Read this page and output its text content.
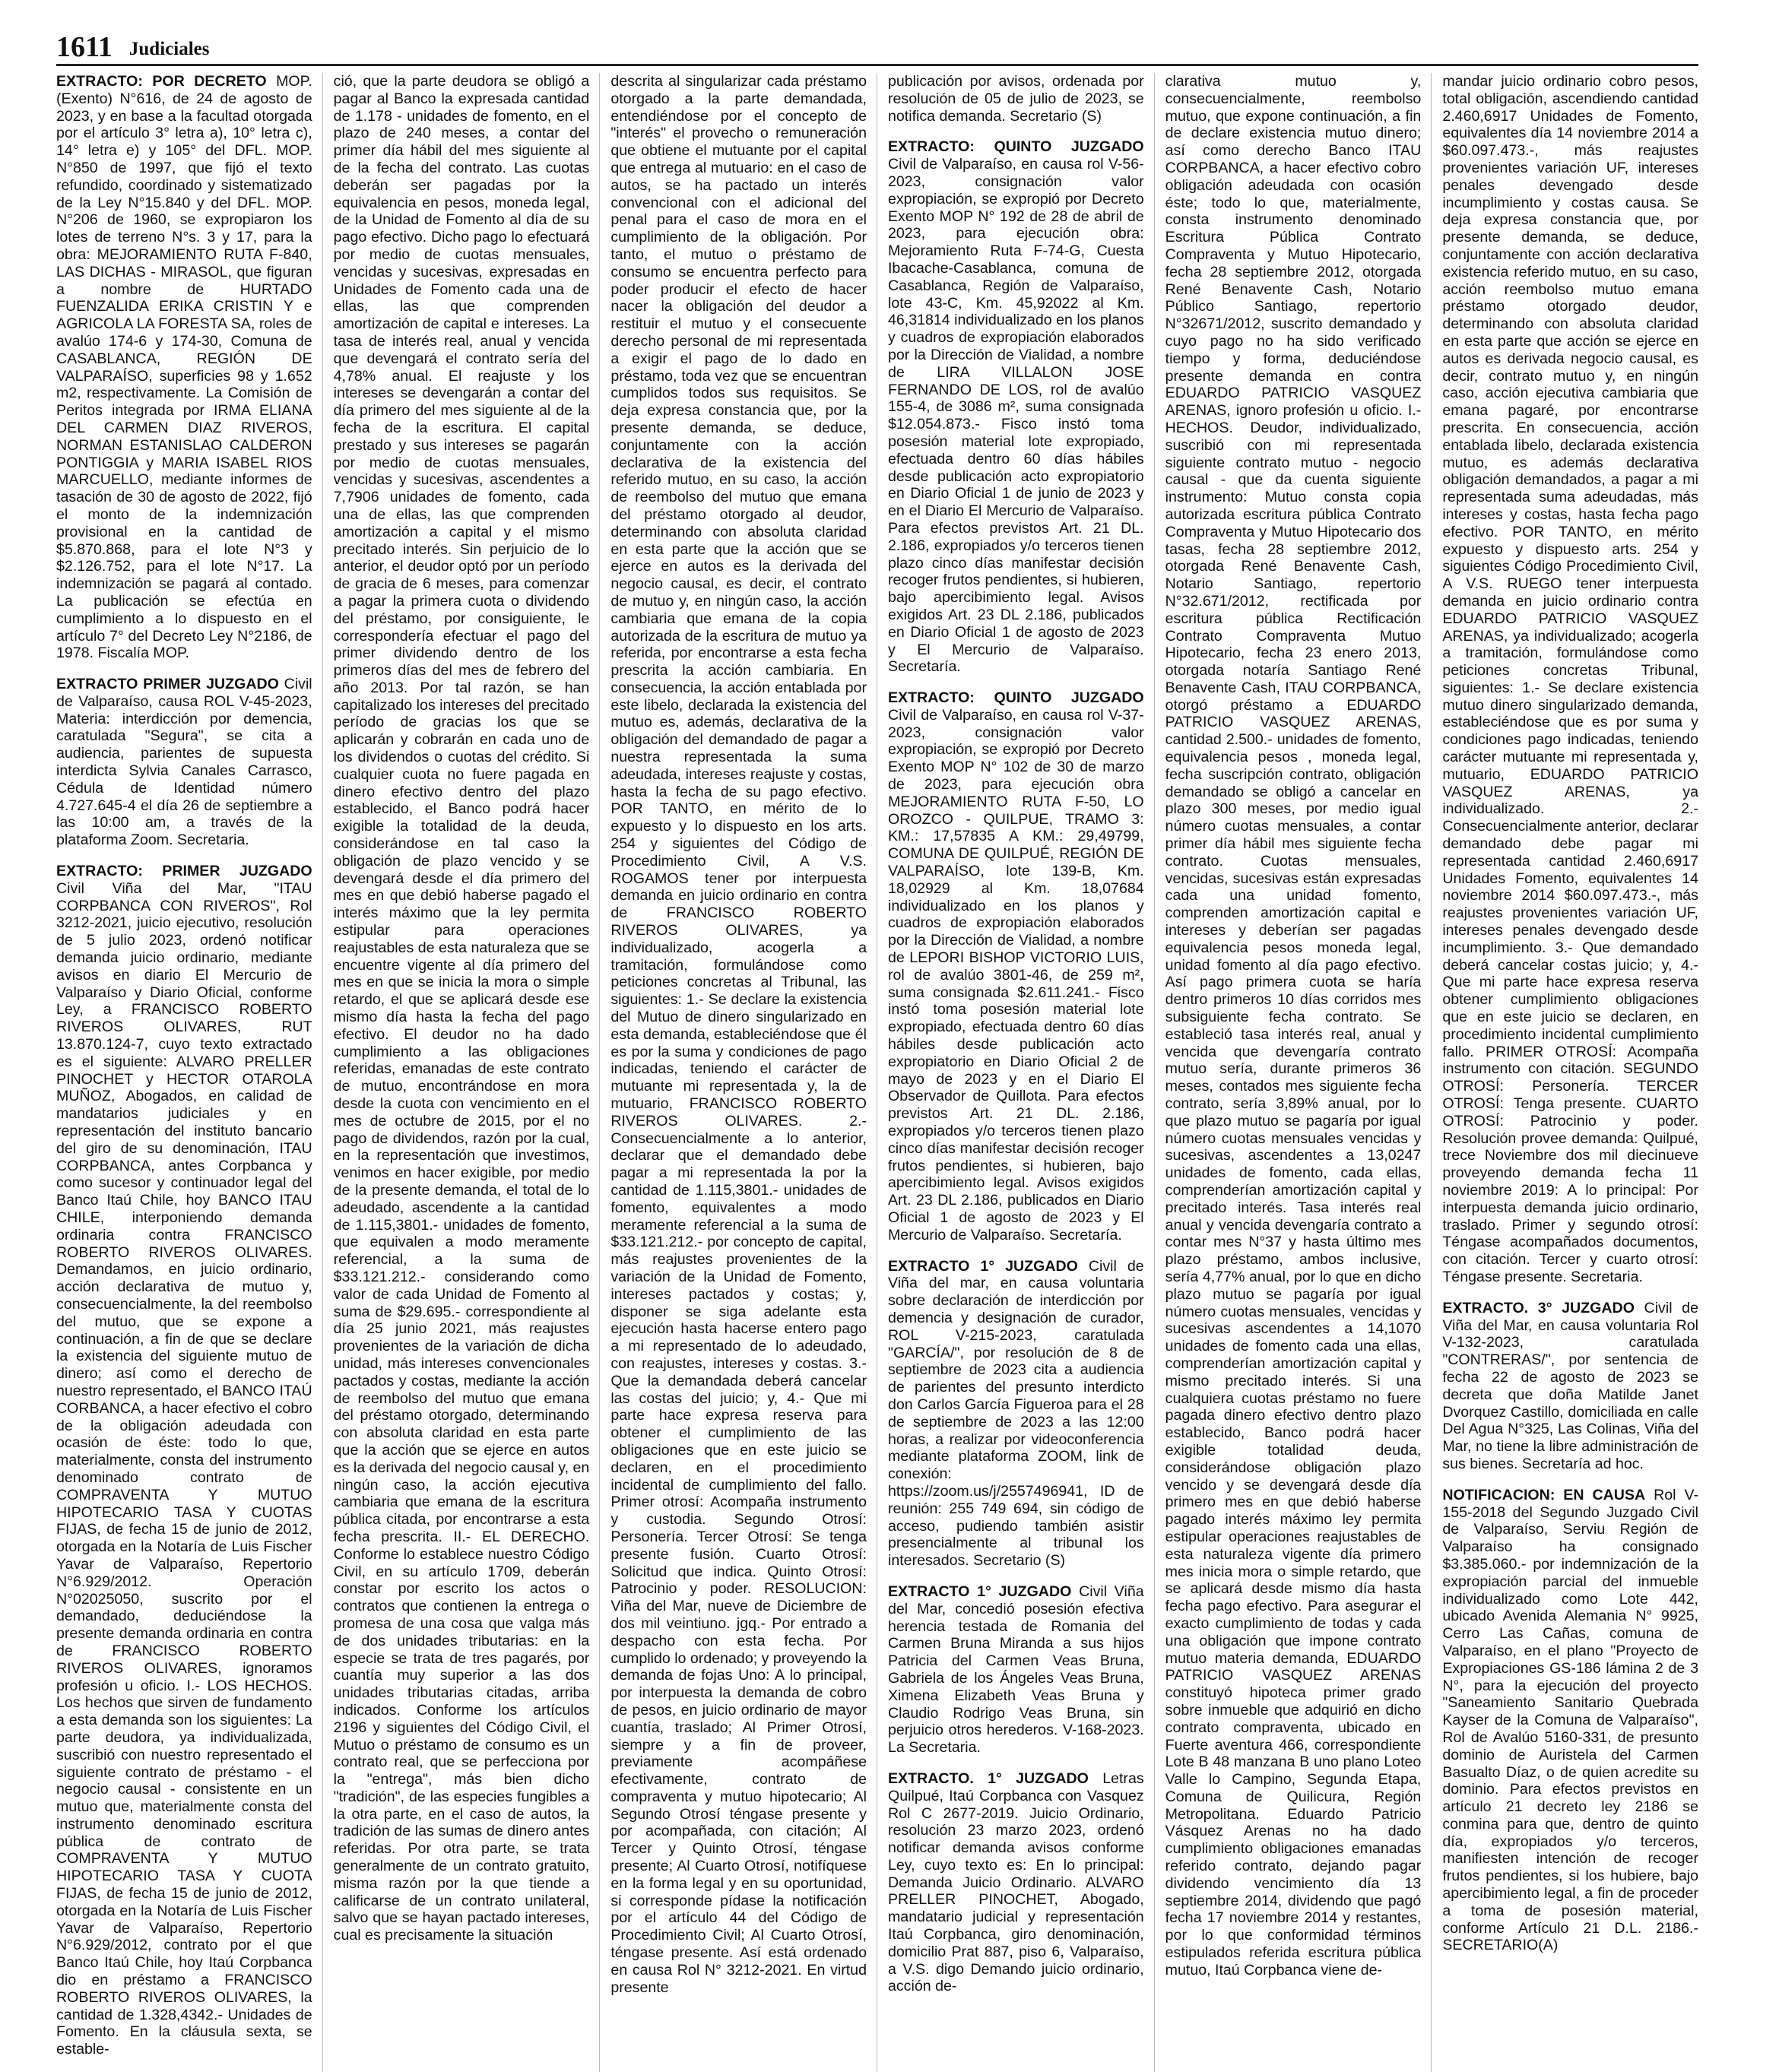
1611 Judiciales

EXTRACTO: POR DECRETO MOP. (Exento) N°616, de 24 de agosto de 2023, y en base a la facultad otorgada por el artículo 3° letra a), 10° letra c), 14° letra e) y 105° del DFL. MOP. N°850 de 1997, que fijó el texto refundido, coordinado y sistematizado de la Ley N°15.840 y del DFL. MOP. N°206 de 1960, se expropiaron los lotes de terreno N°s. 3 y 17, para la obra: MEJORAMIENTO RUTA F-840, LAS DICHAS - MIRASOL, que figuran a nombre de HURTADO FUENZALIDA ERIKA CRISTIN Y e AGRICOLA LA FORESTA SA, roles de avalúo 174-6 y 174-30, Comuna de CASABLANCA, REGIÓN DE VALPARAÍSO, superficies 98 y 1.652 m2, respectivamente. La Comisión de Peritos integrada por IRMA ELIANA DEL CARMEN DIAZ RIVEROS, NORMAN ESTANISLAO CALDERON PONTIGGIA y MARIA ISABEL RIOS MARCUELLO, mediante informes de tasación de 30 de agosto de 2022, fijó el monto de la indemnización provisional en la cantidad de $5.870.868, para el lote N°3 y $2.126.752, para el lote N°17. La indemnización se pagará al contado. La publicación se efectúa en cumplimiento a lo dispuesto en el artículo 7° del Decreto Ley N°2186, de 1978. Fiscalía MOP.

EXTRACTO PRIMER JUZGADO Civil de Valparaíso, causa ROL V-45-2023, Materia: interdicción por demencia, caratulada "Segura", se cita a audiencia, parientes de supuesta interdicta Sylvia Canales Carrasco, Cédula de Identidad número 4.727.645-4 el día 26 de septiembre a las 10:00 am, a través de la plataforma Zoom. Secretaria.

EXTRACTO: PRIMER JUZGADO Civil Viña del Mar, "ITAU CORPBANCA CON RIVEROS", Rol 3212-2021, juicio ejecutivo, resolución de 5 julio 2023, ordenó notificar demanda juicio ordinario, mediante avisos en diario El Mercurio de Valparaíso y Diario Oficial, conforme Ley, a FRANCISCO ROBERTO RIVEROS OLIVARES, RUT 13.870.124-7, cuyo texto extractado es el siguiente: ALVARO PRELLER PINOCHET y HECTOR OTAROLA MUÑOZ, Abogados, en calidad de mandatarios judiciales y en representación del instituto bancario del giro de su denominación, ITAU CORPBANCA, antes Corpbanca y como sucesor y continuador legal del Banco Itaú Chile, hoy BANCO ITAU CHILE, interponiendo demanda ordinaria contra FRANCISCO ROBERTO RIVEROS OLIVARES. Demandamos, en juicio ordinario, acción declarativa de mutuo y, consecuencialmente, la del reembolso del mutuo, que se expone a continuación, a fin de que se declare la existencia del siguiente mutuo de dinero; así como el derecho de nuestro representado, el BANCO ITAÚ CORBANCA, a hacer efectivo el cobro de la obligación adeudada con ocasión de éste: todo lo que, materialmente, consta del instrumento denominado contrato de COMPRAVENTA Y MUTUO HIPOTECARIO TASA Y CUOTAS FIJAS, de fecha 15 de junio de 2012, otorgada en la Notaría de Luis Fischer Yavar de Valparaíso, Repertorio N°6.929/2012. Operación N°02025050, suscrito por el demandado, deduciéndose la presente demanda ordinaria en contra de FRANCISCO ROBERTO RIVEROS OLIVARES, ignoramos profesión u oficio. I.- LOS HECHOS. Los hechos que sirven de fundamento a esta demanda son los siguientes: La parte deudora, ya individualizada, suscribió con nuestro representado el siguiente contrato de préstamo - el negocio causal - consistente en un mutuo que, materialmente consta del instrumento denominado escritura pública de contrato de COMPRAVENTA Y MUTUO HIPOTECARIO TASA Y CUOTA FIJAS, de fecha 15 de junio de 2012, otorgada en la Notaría de Luis Fischer Yavar de Valparaíso, Repertorio N°6.929/2012, contrato por el que Banco Itaú Chile, hoy Itaú Corpbanca dio en préstamo a FRANCISCO ROBERTO RIVEROS OLIVARES, la cantidad de 1.328,4342.- Unidades de Fomento. En la cláusula sexta, se estable-

ció, que la parte deudora se obligó a pagar al Banco la expresada cantidad de 1.178 - unidades de fomento, en el plazo de 240 meses, a contar del primer día hábil del mes siguiente al de la fecha del contrato. Las cuotas deberán ser pagadas por la equivalencia en pesos, moneda legal, de la Unidad de Fomento al día de su pago efectivo. Dicho pago lo efectuará por medio de cuotas mensuales, vencidas y sucesivas, expresadas en Unidades de Fomento cada una de ellas, las que comprenden amortización de capital e intereses. La tasa de interés real, anual y vencida que devengará el contrato sería del 4,78% anual. El reajuste y los intereses se devengarán a contar del día primero del mes siguiente al de la fecha de la escritura. El capital prestado y sus intereses se pagarán por medio de cuotas mensuales, vencidas y sucesivas, ascendentes a 7,7906 unidades de fomento, cada una de ellas, las que comprenden amortización a capital y el mismo precitado interés. Sin perjuicio de lo anterior, el deudor optó por un período de gracia de 6 meses, para comenzar a pagar la primera cuota o dividendo del préstamo, por consiguiente, le correspondería efectuar el pago del primer dividendo dentro de los primeros días del mes de febrero del año 2013. Por tal razón, se han capitalizado los intereses del precitado período de gracias los que se aplicarán y cobrarán en cada uno de los dividendos o cuotas del crédito. Si cualquier cuota no fuere pagada en dinero efectivo dentro del plazo establecido, el Banco podrá hacer exigible la totalidad de la deuda, considerándose en tal caso la obligación de plazo vencido y se devengará desde el día primero del mes en que debió haberse pagado el interés máximo que la ley permita estipular para operaciones reajustables de esta naturaleza que se encuentre vigente al día primero del mes en que se inicia la mora o simple retardo, el que se aplicará desde ese mismo día hasta la fecha del pago efectivo. El deudor no ha dado cumplimiento a las obligaciones referidas, emanadas de este contrato de mutuo, encontrándose en mora desde la cuota con vencimiento en el mes de octubre de 2015, por el no pago de dividendos, razón por la cual, en la representación que investimos, venimos en hacer exigible, por medio de la presente demanda, el total de lo adeudado, ascendente a la cantidad de 1.115,3801.- unidades de fomento, que equivalen a modo meramente referencial, a la suma de $33.121.212.- considerando como valor de cada Unidad de Fomento al suma de $29.695.- correspondiente al día 25 junio 2021, más reajustes provenientes de la variación de dicha unidad, más intereses convencionales pactados y costas, mediante la acción de reembolso del mutuo que emana del préstamo otorgado, determinando con absoluta claridad en esta parte que la acción que se ejerce en autos es la derivada del negocio causal y, en ningún caso, la acción ejecutiva cambiaria que emana de la escritura pública citada, por encontrarse a esta fecha prescrita. II.- EL DERECHO. Conforme lo establece nuestro Código Civil, en su artículo 1709, deberán constar por escrito los actos o contratos que contienen la entrega o promesa de una cosa que valga más de dos unidades tributarias: en la especie se trata de tres pagarés, por cuantía muy superior a las dos unidades tributarias citadas, arriba indicados. Conforme los artículos 2196 y siguientes del Código Civil, el Mutuo o préstamo de consumo es un contrato real, que se perfeccionа por la "entrega", más bien dicho "tradición", de las especies fungibles a la otra parte, en el caso de autos, la tradición de las sumas de dinero antes referidas. Por otra parte, se trata generalmente de un contrato gratuito, misma razón por la que tiende a calificarse de un contrato unilateral, salvo que se hayan pactado intereses, cual es precisamente la situación

descrita al singularizar cada préstamo otorgado a la parte demandada, entendiéndose por el concepto de "interés" el provecho o remuneración que obtiene el mutuante por el capital que entrega al mutuario: en el caso de autos, se ha pactado un interés convencional con el adicional del penal para el caso de mora en el cumplimiento de la obligación. Por tanto, el mutuo o préstamo de consumo se encuentra perfecto para poder producir el efecto de hacer nacer la obligación del deudor a restituir el mutuo y el consecuente derecho personal de mi representada a exigir el pago de lo dado en préstamo, toda vez que se encuentran cumplidos todos sus requisitos. Se deja expresa constancia que, por la presente demanda, se deduce, conjuntamente con la acción declarativa de la existencia del referido mutuo, en su caso, la acción de reembolso del mutuo que emana del préstamo otorgado al deudor, determinando con absoluta claridad en esta parte que la acción que se ejerce en autos es la derivada del negocio causal, es decir, el contrato de mutuo y, en ningún caso, la acción cambiaria que emana de la copia autorizada de la escritura de mutuo ya referida, por encontrarse a esta fecha prescrita la acción cambiaria. En consecuencia, la acción entablada por este libelo, declarada la existencia del mutuo es, además, declarativa de la obligación del demandado de pagar a nuestra representada la suma adeudada, intereses reajuste y costas, hasta la fecha de su pago efectivo. POR TANTO, en mérito de lo expuesto y lo dispuesto en los arts. 254 y siguientes del Código de Procedimiento Civil, A V.S. ROGAMOS tener por interpuesta demanda en juicio ordinario en contra de FRANCISCO ROBERTO RIVEROS OLIVARES, ya individualizado, acogerla a tramitación, formulándose como peticiones concretas al Tribunal, las siguientes: 1.- Se declare la existencia del Mutuo de dinero singularizado en esta demanda, estableciéndose que él es por la suma y condiciones de pago indicadas, teniendo el carácter de mutuante mi representada y, la de mutuario, FRANCISCO ROBERTO RIVEROS OLIVARES. 2.- Consecuencialmente a lo anterior, declarar que el demandado debe pagar a mi representada la por la cantidad de 1.115,3801.- unidades de fomento, equivalentes a modo meramente referencial a la suma de $33.121.212.- por concepto de capital, más reajustes provenientes de la variación de la Unidad de Fomento, intereses pactados y costas; y, disponer se siga adelante esta ejecución hasta hacerse entero pago a mi representado de lo adeudado, con reajustes, intereses y costas. 3.- Que la demandada deberá cancelar las costas del juicio; y, 4.- Que mi parte hace expresa reserva para obtener el cumplimiento de las obligaciones que en este juicio se declaren, en el procedimiento incidental de cumplimiento del fallo. Primer otrosí: Acompaña instrumento y custodia. Segundo Otrosí: Personería. Tercer Otrosí: Se tenga presente fusión. Cuarto Otrosí: Solicitud que indica. Quinto Otrosí: Patrocinio y poder. RESOLUCION: Viña del Mar, nueve de Diciembre de dos mil veintiuno. jgq.- Por entrado a despacho con esta fecha. Por cumplido lo ordenado; y proveyendo la demanda de fojas Uno: A lo principal, por interpuesta la demanda de cobro de pesos, en juicio ordinario de mayor cuantía, traslado; Al Primer Otrosí, siempre y a fin de proveer, previamente acompáñese efectivamente, contrato de compraventa y mutuo hipotecario; Al Segundo Otrosí téngase presente y por acompañada, con citación; Al Tercer y Quinto Otrosí, téngase presente; Al Cuarto Otrosí, notifíquese en la forma legal y en su oportunidad, si corresponde pídase la notificación por el artículo 44 del Código de Procedimiento Civil; Al Cuarto Otrosí, téngase presente. Así está ordenado en causa Rol N° 3212-2021. En virtud presente

publicación por avisos, ordenada por resolución de 05 de julio de 2023, se notifica demanda. Secretario (S)

EXTRACTO: QUINTO JUZGADO Civil de Valparaíso, en causa rol V-56-2023, consignación valor expropiación, se expropió por Decreto Exento MOP N° 192 de 28 de abril de 2023, para ejecución obra: Mejoramiento Ruta F-74-G, Cuesta Ibacache-Casablanca, comuna de Casablanca, Región de Valparaíso, lote 43-C, Km. 45,92022 al Km. 46,31814 individualizado en los planos y cuadros de expropiación elaborados por la Dirección de Vialidad, a nombre de LIRA VILLALON JOSE FERNANDO DE LOS, rol de avalúo 155-4, de 3086 m², suma consignada $12.054.873.- Fisco instó toma posesión material lote expropiado, efectuada dentro 60 días hábiles desde publicación acto expropiatorio en Diario Oficial 1 de junio de 2023 y en el Diario El Mercurio de Valparaíso. Para efectos previstos Art. 21 DL. 2.186, expropiados y/o terceros tienen plazo cinco días manifestar decisión recoger frutos pendientes, si hubieren, bajo apercibimiento legal. Avisos exigidos Art. 23 DL 2.186, publicados en Diario Oficial 1 de agosto de 2023 y El Mercurio de Valparaíso. Secretaría.

EXTRACTO: QUINTO JUZGADO Civil de Valparaíso, en causa rol V-37-2023, consignación valor expropiación, se expropió por Decreto Exento MOP N° 102 de 30 de marzo de 2023, para ejecución obra MEJORAMIENTO RUTA F-50, LO OROZCO - QUILPUE, TRAMO 3: KM.: 17,57835 A KM.: 29,49799, COMUNA DE QUILPUÉ, REGIÓN DE VALPARAÍSO, lote 139-B, Km. 18,02929 al Km. 18,07684 individualizado en los planos y cuadros de expropiación elaborados por la Dirección de Vialidad, a nombre de LEPORI BISHOP VICTORIO LUIS, rol de avalúo 3801-46, de 259 m², suma consignada $2.611.241.- Fisco instó toma posesión material lote expropiado, efectuada dentro 60 días hábiles desde publicación acto expropiatorio en Diario Oficial 2 de mayo de 2023 y en el Diario El Observador de Quillota. Para efectos previstos Art. 21 DL. 2.186, expropiados y/o terceros tienen plazo cinco días manifestar decisión recoger frutos pendientes, si hubieren, bajo apercibimiento legal. Avisos exigidos Art. 23 DL 2.186, publicados en Diario Oficial 1 de agosto de 2023 y El Mercurio de Valparaíso. Secretaría.

EXTRACTO 1° JUZGADO Civil de Viña del mar, en causa voluntaria sobre declaración de interdicción por demencia y designación de curador, ROL V-215-2023, caratulada "GARCÍA/", por resolución de 8 de septiembre de 2023 cita a audiencia de parientes del presunto interdicto don Carlos García Figueroa para el 28 de septiembre de 2023 a las 12:00 horas, a realizar por videoconferencia mediante plataforma ZOOM, link de conexión: https://zoom.us/j/2557496941, ID de reunión: 255 749 694, sin código de acceso, pudiendo también asistir presencialmente al tribunal los interesados. Secretario (S)

EXTRACTO 1° JUZGADO Civil Viña del Mar, concedió posesión efectiva herencia testada de Romania del Carmen Bruna Miranda a sus hijos Patricia del Carmen Veas Bruna, Gabriela de los Ángeles Veas Bruna, Ximena Elizabeth Veas Bruna y Claudio Rodrigo Veas Bruna, sin perjuicio otros herederos. V-168-2023. La Secretaria.

EXTRACTO. 1° JUZGADO Letras Quilpué, Itaú Corpbanca con Vasquez Rol C 2677-2019. Juicio Ordinario, resolución 23 marzo 2023, ordenó notificar demanda avisos conforme Ley, cuyo texto es: En lo principal: Demanda Juicio Ordinario. ALVARO PRELLER PINOCHET, Abogado, mandatario judicial y representación Itaú Corpbanca, giro denominación, domicilio Prat 887, piso 6, Valparaíso, a V.S. digo Demando juicio ordinario, acción de-

clarativa mutuo y, consecuencialmente, reembolso mutuo, que expone continuación, a fin de declare existencia mutuo dinero; así como derecho Banco ITAU CORPBANCA, a hacer efectivo cobro obligación adeudada con ocasión éste; todo lo que, materialmente, consta instrumento denominado Escritura Pública Contrato Compraventa y Mutuo Hipotecario, fecha 28 septiembre 2012, otorgada René Benavente Cash, Notario Público Santiago, repertorio N°32671/2012, suscrito demandado y cuyo pago no ha sido verificado tiempo y forma, deduciéndose presente demanda en contra EDUARDO PATRICIO VASQUEZ ARENAS, ignoro profesión u oficio. I.- HECHOS. Deudor, individualizado, suscribió con mi representada siguiente contrato mutuo - negocio causal - que da cuenta siguiente instrumento: Mutuo consta copia autorizada escritura pública Contrato Compraventa y Mutuo Hipotecario dos tasas, fecha 28 septiembre 2012, otorgada René Benavente Cash, Notario Santiago, repertorio N°32.671/2012, rectificada por escritura pública Rectificación Contrato Compraventa Mutuo Hipotecario, fecha 23 enero 2013, otorgada notaría Santiago René Benavente Cash, ITAU CORPBANCA, otorgó préstamo a EDUARDO PATRICIO VASQUEZ ARENAS, cantidad 2.500.- unidades de fomento, equivalencia pesos , moneda legal, fecha suscripción contrato, obligación demandado se obligó a cancelar en plazo 300 meses, por medio igual número cuotas mensuales, a contar primer día hábil mes siguiente fecha contrato. Cuotas mensuales, vencidas, sucesivas están expresadas cada una unidad fomento, comprenden amortización capital e intereses y deberían ser pagadas equivalencia pesos moneda legal, unidad fomento al día pago efectivo. Así pago primera cuota se haría dentro primeros 10 días corridos mes subsiguiente fecha contrato. Se estableció tasa interés real, anual y vencida que devengaría contrato mutuo sería, durante primeros 36 meses, contados mes siguiente fecha contrato, sería 3,89% anual, por lo que plazo mutuo se pagaría por igual número cuotas mensuales vencidas y sucesivas, ascendentes a 13,0247 unidades de fomento, cada ellas, comprenderían amortización capital y precitado interés. Tasa interés real anual y vencida devengaría contrato a contar mes N°37 y hasta último mes plazo préstamo, ambos inclusive, sería 4,77% anual, por lo que en dicho plazo mutuo se pagaría por igual número cuotas mensuales, vencidas y sucesivas ascendentes a 14,1070 unidades de fomento cada una ellas, comprenderían amortización capital y mismo precitado interés. Si una cualquiera cuotas préstamo no fuere pagada dinero efectivo dentro plazo establecido, Banco podrá hacer exigible totalidad deuda, considerándose obligación plazo vencido y se devengará desde día primero mes en que debió haberse pagado interés máximo ley permita estipular operaciones reajustables de esta naturaleza vigente día primero mes inicia mora o simple retardo, que se aplicará desde mismo día hasta fecha pago efectivo. Para asegurar el exacto cumplimiento de todas y cada una obligación que impone contrato mutuo materia demanda, EDUARDO PATRICIO VASQUEZ ARENAS constituyó hipoteca primer grado sobre inmueble que adquirió en dicho contrato compraventa, ubicado en Fuerte aventura 466, correspondiente Lote B 48 manzana B uno plano Loteo Valle lo Campino, Segunda Etapa, Comuna de Quilicura, Región Metropolitana. Eduardo Patricio Vásquez Arenas no ha dado cumplimiento obligaciones emanadas referido contrato, dejando pagar dividendo vencimiento día 13 septiembre 2014, dividendo que pagó fecha 17 noviembre 2014 y restantes, por lo que conformidad términos estipulados referida escritura pública mutuo, Itaú Corpbanca viene de-

mandar juicio ordinario cobro pesos, total obligación, ascendiendo cantidad 2.460,6917 Unidades de Fomento, equivalentes día 14 noviembre 2014 a $60.097.473.-, más reajustes provenientes variación UF, intereses penales devengado desde incumplimiento y costas causa. Se deja expresa constancia que, por presente demanda, se deduce, conjuntamente con acción declarativa existencia referido mutuo, en su caso, acción reembolso mutuo emana préstamo otorgado deudor, determinando con absoluta claridad en esta parte que acción se ejerce en autos es derivada negocio causal, es decir, contrato mutuo y, en ningún caso, acción ejecutiva cambiaria que emana pagaré, por encontrarse prescrita. En consecuencia, acción entablada libelo, declarada existencia mutuo, es además declarativa obligación demandados, a pagar a mi representada suma adeudadas, más intereses y costas, hasta fecha pago efectivo. POR TANTO, en mérito expuesto y dispuesto arts. 254 y siguientes Código Procedimiento Civil, A V.S. RUEGO tener interpuesta demanda en juicio ordinario contra EDUARDO PATRICIO VASQUEZ ARENAS, ya individualizado; acogerla a tramitación, formulándose como peticiones concretas Tribunal, siguientes: 1.- Se declare existencia mutuo dinero singularizado demanda, estableciéndose que es por suma y condiciones pago indicadas, teniendo carácter mutuante mi representada y, mutuario, EDUARDO PATRICIO VASQUEZ ARENAS, ya individualizado. 2.- Consecuencialmente anterior, declarar demandado debe pagar mi representada cantidad 2.460,6917 Unidades Fomento, equivalentes 14 noviembre 2014 $60.097.473.-, más reajustes provenientes variación UF, intereses penales devengado desde incumplimiento. 3.- Que demandado deberá cancelar costas juicio; y, 4.- Que mi parte hace expresa reserva obtener cumplimiento obligaciones que en este juicio se declaren, en procedimiento incidental cumplimiento fallo. PRIMER OTROSÍ: Acompaña instrumento con citación. SEGUNDO OTROSÍ: Personería. TERCER OTROSÍ: Tenga presente. CUARTO OTROSÍ: Patrocinio y poder. Resolución provee demanda: Quilpué, trece Noviembre dos mil diecinueve proveyendo demanda fecha 11 noviembre 2019: A lo principal: Por interpuesta demanda juicio ordinario, traslado. Primer y segundo otrosí: Téngase acompañados documentos, con citación. Tercer y cuarto otrosí: Téngase presente. Secretaria.

EXTRACTO. 3° JUZGADO Civil de Viña del Mar, en causa voluntaria Rol V-132-2023, caratulada "CONTRERAS/", por sentencia de fecha 22 de agosto de 2023 se decreta que doña Matilde Janet Dvorquez Castillo, domiciliada en calle Del Agua N°325, Las Colinas, Viña del Mar, no tiene la libre administración de sus bienes. Secretaría ad hoc.

NOTIFICACION: EN CAUSA Rol V-155-2018 del Segundo Juzgado Civil de Valparaíso, Serviu Región de Valparaíso ha consignado $3.385.060.- por indemnización de la expropiación parcial del inmueble individualizado como Lote 442, ubicado Avenida Alemania N° 9925, Cerro Las Cañas, comuna de Valparaíso, en el plano "Proyecto de Expropiaciones GS-186 lámina 2 de 3 N°, para la ejecución del proyecto "Saneamiento Sanitario Quebrada Kayser de la Comuna de Valparaíso", Rol de Avalúo 5160-331, de presunto dominio de Auristela del Carmen Basualto Díaz, o de quien acredite su dominio. Para efectos previstos en artículo 21 decreto ley 2186 se conmina para que, dentro de quinto día, expropiados y/o terceros, manifiesten intención de recoger frutos pendientes, si los hubiere, bajo apercibimiento legal, a fin de proceder a toma de posesión material, conforme Artículo 21 D.L. 2186.- SECRETARIO(A)
